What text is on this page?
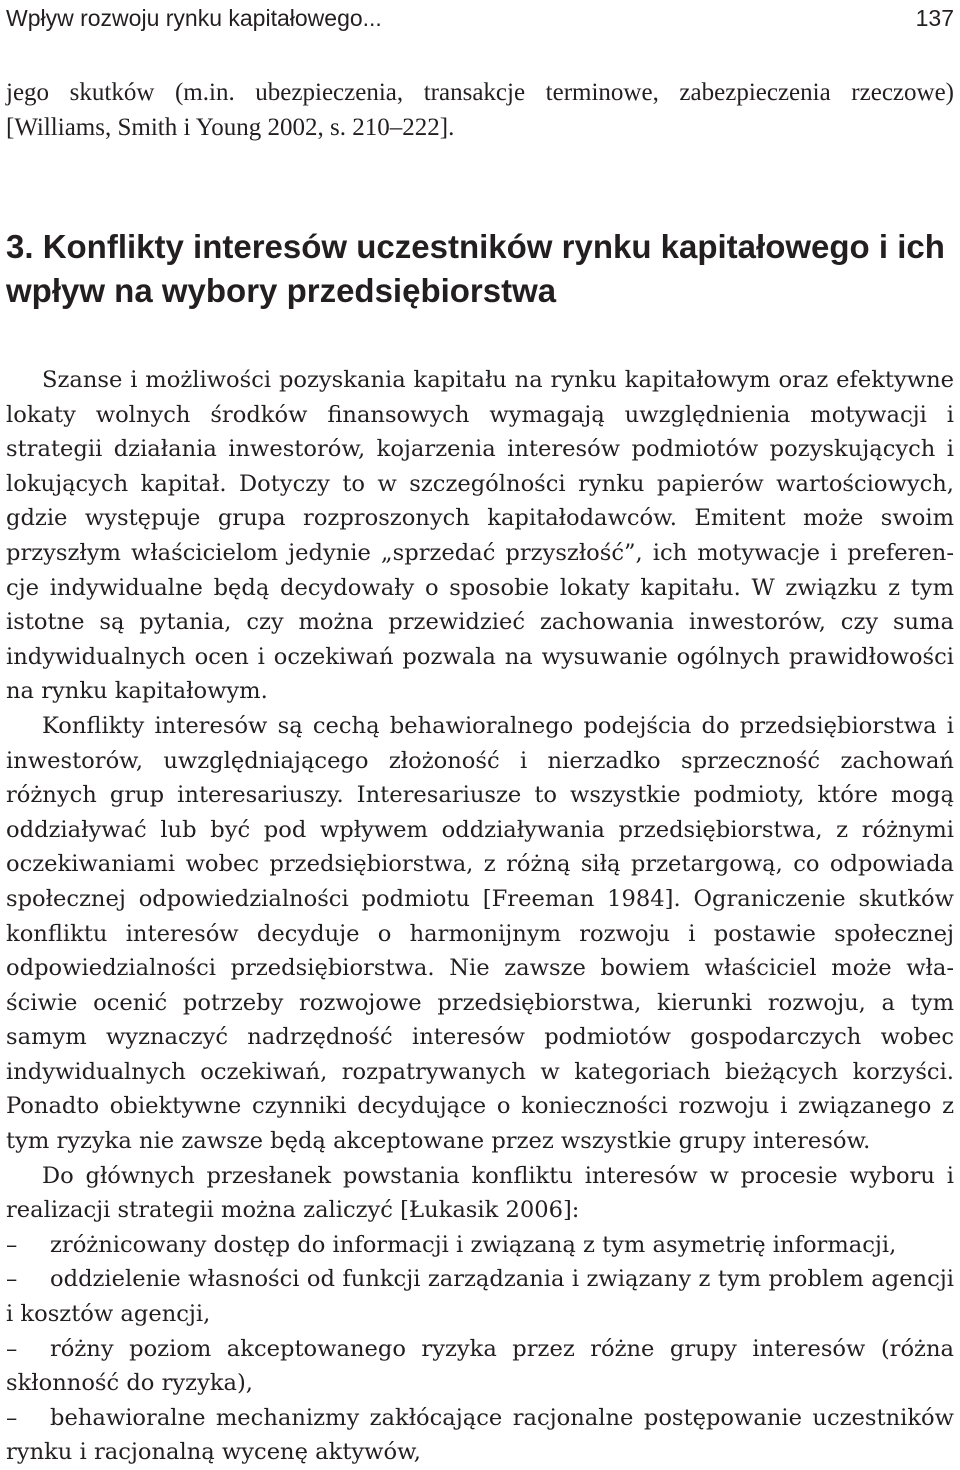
Wpływ rozwoju rynku kapitałowego...	137

jego skutków (m.in. ubezpieczenia, transakcje terminowe, zabezpieczenia rzeczowe) [Williams, Smith i Young 2002, s. 210–222].

3. Konflikty interesów uczestników rynku kapitałowego i ich wpływ na wybory przedsiębiorstwa

Szanse i możliwości pozyskania kapitału na rynku kapitałowym oraz efektywne lokaty wolnych środków finansowych wymagają uwzględnienia motywacji i strategii działania inwestorów, kojarzenia interesów podmiotów pozyskujących i lokujących kapitał. Dotyczy to w szczególności rynku papierów wartościowych, gdzie występuje grupa rozproszonych kapitałodawców. Emitent może swoim przyszłym właścicielom jedynie „sprzedać przyszłość”, ich motywacje i preferencje indywidualne będą decydowały o sposobie lokaty kapitału. W związku z tym istotne są pytania, czy można przewidzieć zachowania inwestorów, czy suma indywidualnych ocen i oczekiwań pozwala na wysuwanie ogólnych prawidłowości na rynku kapitałowym.

Konflikty interesów są cechą behawioralnego podejścia do przedsiębiorstwa i inwestorów, uwzględniającego złożoność i nierzadko sprzeczność zachowań różnych grup interesariuszy. Interesariusze to wszystkie podmioty, które mogą oddziaływać lub być pod wpływem oddziaływania przedsiębiorstwa, z różnymi oczekiwaniami wobec przedsiębiorstwa, z różną siłą przetargową, co odpowiada społecznej odpowiedzialności podmiotu [Freeman 1984]. Ograniczenie skutków konfliktu interesów decyduje o harmonijnym rozwoju i postawie społecznej odpowiedzialności przedsiębiorstwa. Nie zawsze bowiem właściciel może właściwie ocenić potrzeby rozwojowe przedsiębiorstwa, kierunki rozwoju, a tym samym wyznaczyć nadrzędność interesów podmiotów gospodarczych wobec indywidualnych oczekiwań, rozpatrywanych w kategoriach bieżących korzyści. Ponadto obiektywne czynniki decydujące o konieczności rozwoju i związanego z tym ryzyka nie zawsze będą akceptowane przez wszystkie grupy interesów.

Do głównych przesłanek powstania konfliktu interesów w procesie wyboru i realizacji strategii można zaliczyć [Łukasik 2006]:

– zróżnicowany dostęp do informacji i związaną z tym asymetrię informacji,
– oddzielenie własności od funkcji zarządzania i związany z tym problem agencji i kosztów agencji,
– różny poziom akceptowanego ryzyka przez różne grupy interesów (różna skłonność do ryzyka),
– behawioralne mechanizmy zakłócające racjonalne postępowanie uczestników rynku i racjonalną wycenę aktywów,
